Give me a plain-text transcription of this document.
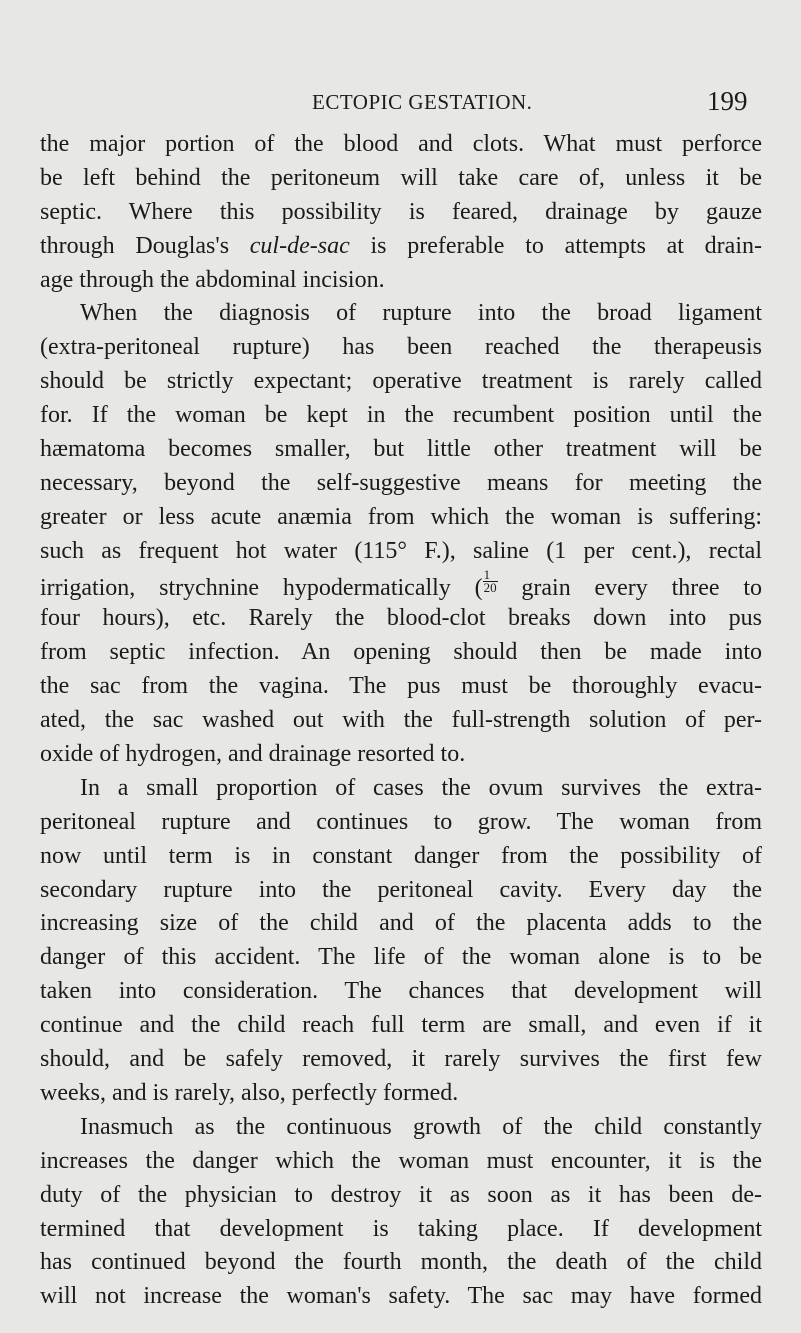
ECTOPIC GESTATION.	199
the major portion of the blood and clots. What must perforce
be left behind the peritoneum will take care of, unless it be
septic. Where this possibility is feared, drainage by gauze
through Douglas's cul-de-sac is preferable to attempts at drain-
age through the abdominal incision.
When the diagnosis of rupture into the broad ligament
(extra-peritoneal rupture) has been reached the therapeusis
should be strictly expectant; operative treatment is rarely called
for. If the woman be kept in the recumbent position until the
hæmatoma becomes smaller, but little other treatment will be
necessary, beyond the self-suggestive means for meeting the
greater or less acute anæmia from which the woman is suffering:
such as frequent hot water (115° F.), saline (1 per cent.), rectal
irrigation, strychnine hypodermatically ( $\frac{1}{20}$ grain every three to
four hours), etc. Rarely the blood-clot breaks down into pus
from septic infection. An opening should then be made into
the sac from the vagina. The pus must be thoroughly evacu-
ated, the sac washed out with the full-strength solution of per-
oxide of hydrogen, and drainage resorted to.
In a small proportion of cases the ovum survives the extra-
peritoneal rupture and continues to grow. The woman from
now until term is in constant danger from the possibility of
secondary rupture into the peritoneal cavity. Every day the
increasing size of the child and of the placenta adds to the
danger of this accident. The life of the woman alone is to be
taken into consideration. The chances that development will
continue and the child reach full term are small, and even if it
should, and be safely removed, it rarely survives the first few
weeks, and is rarely, also, perfectly formed.
Inasmuch as the continuous growth of the child constantly
increases the danger which the woman must encounter, it is the
duty of the physician to destroy it as soon as it has been de-
termined that development is taking place. If development
has continued beyond the fourth month, the death of the child
will not increase the woman's safety. The sac may have formed
